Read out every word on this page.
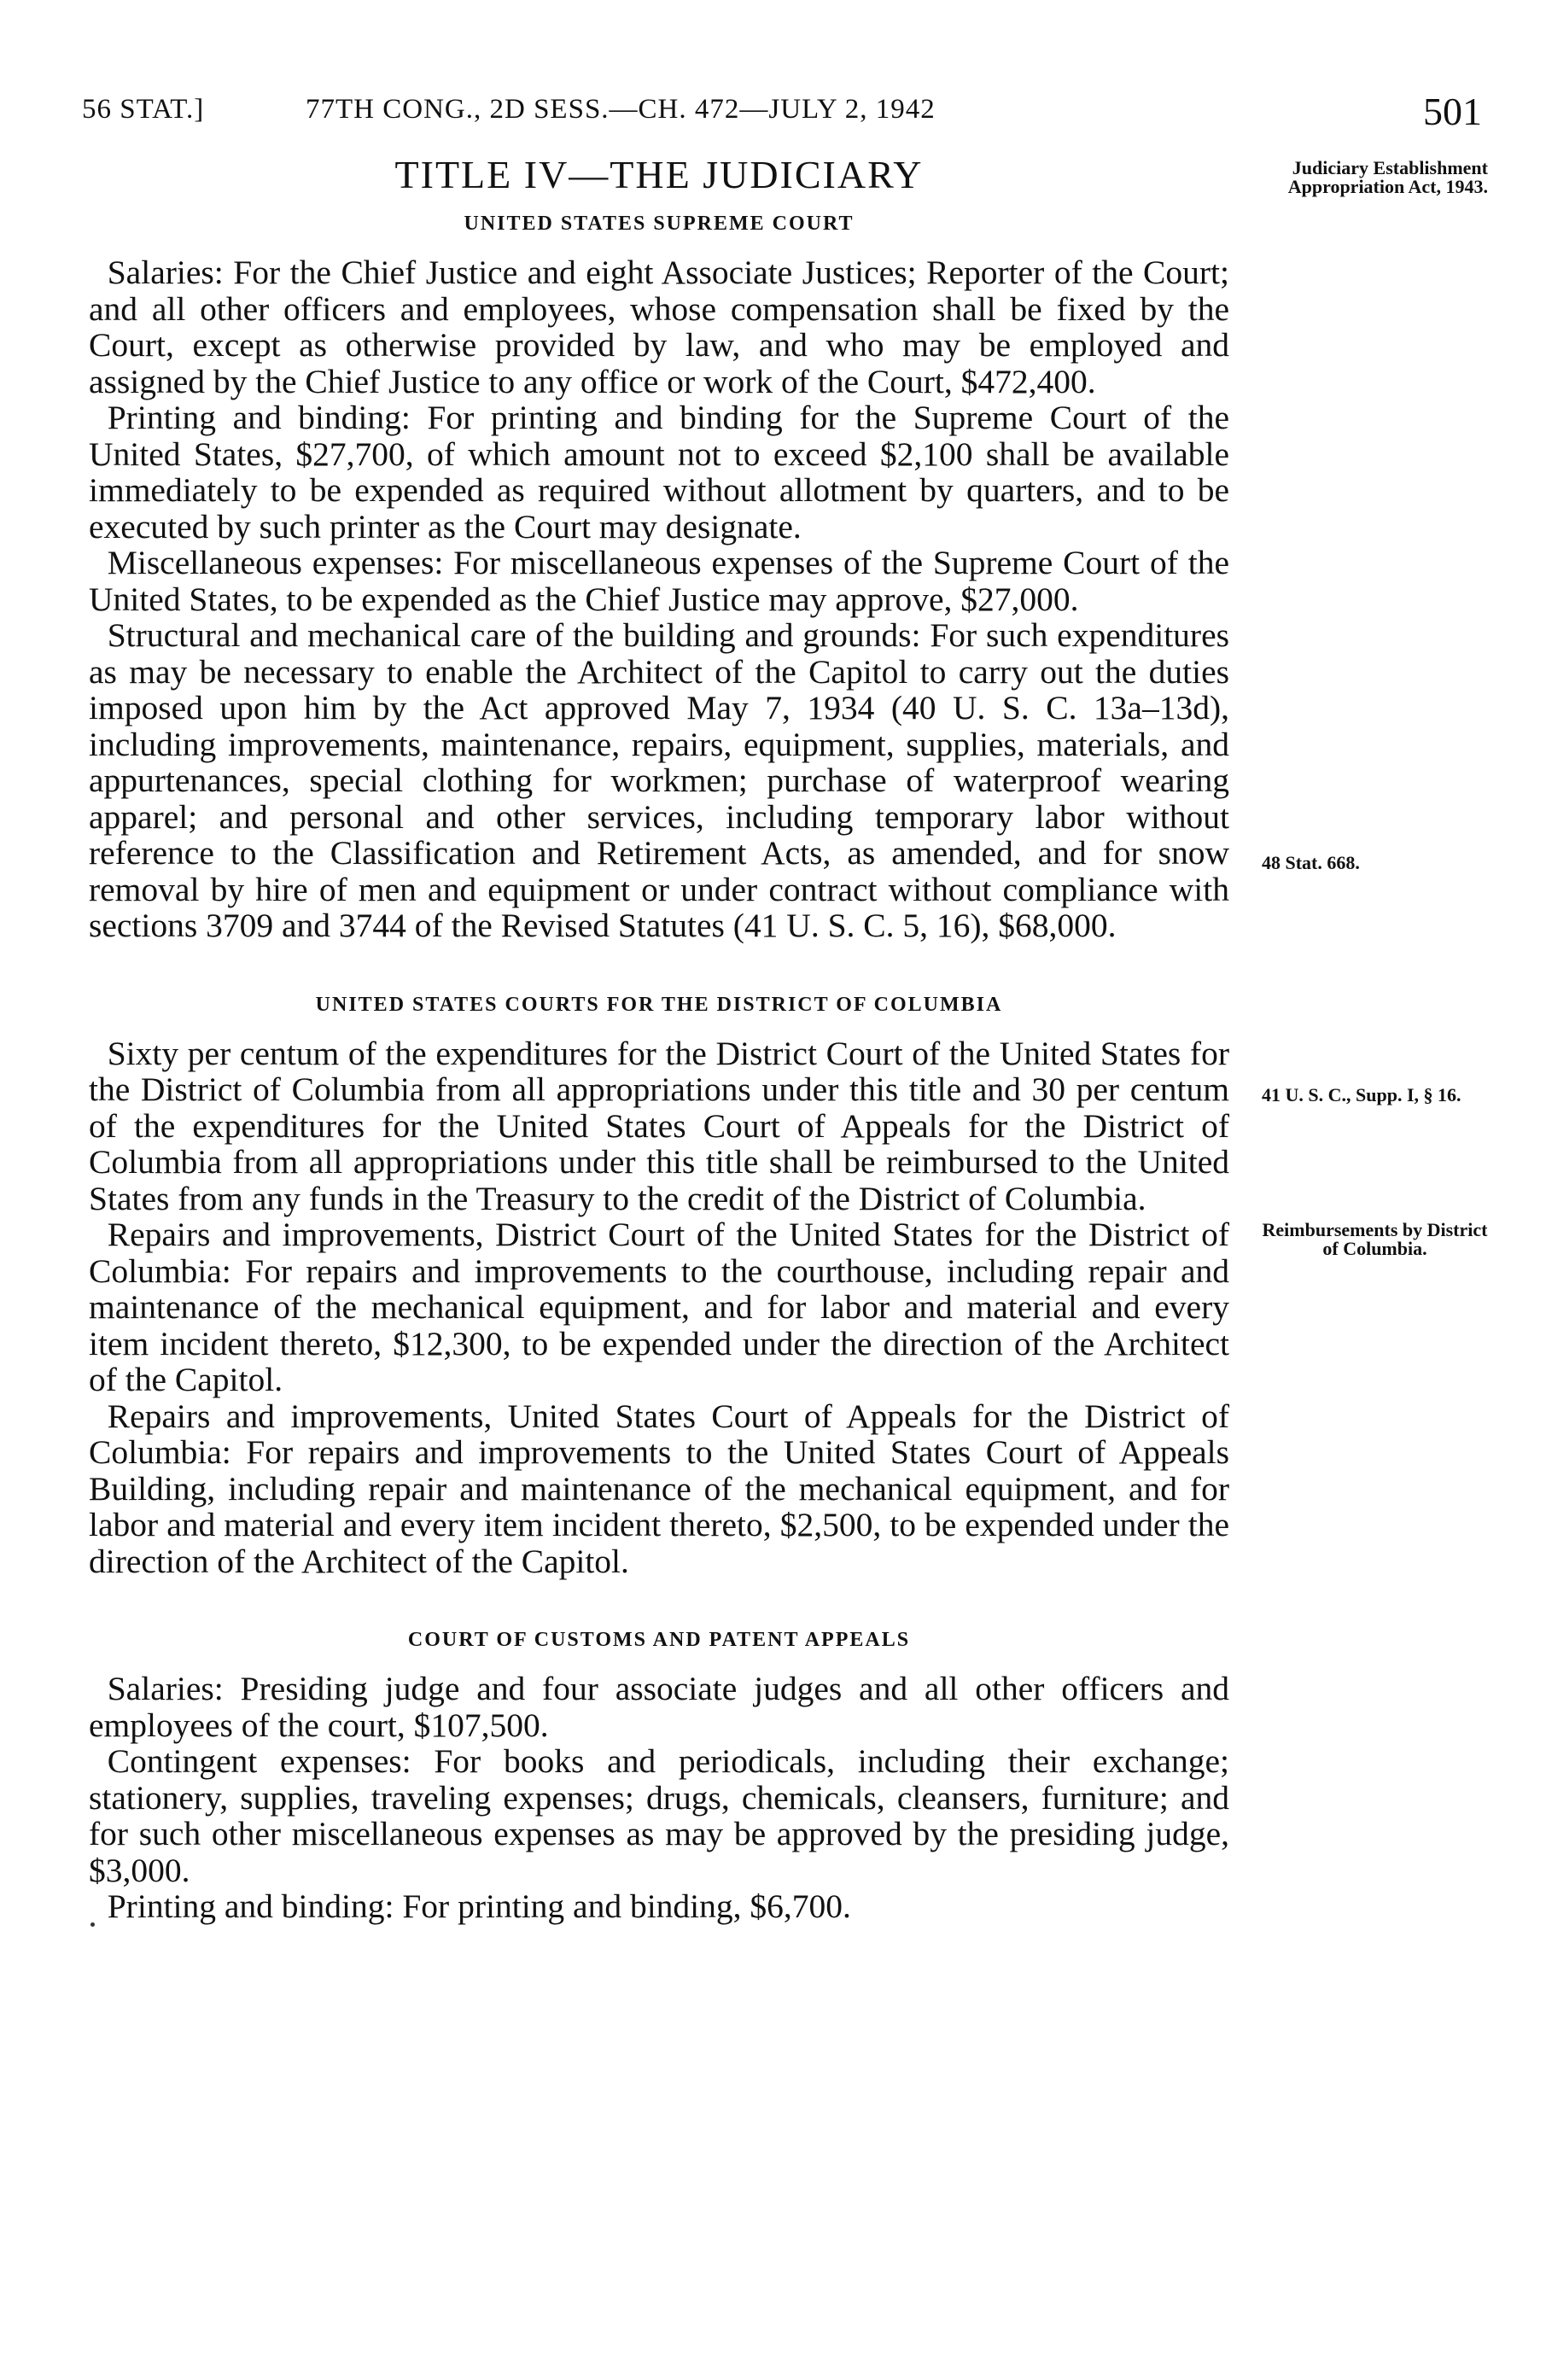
56 STAT.]	77TH CONG., 2D SESS.—CH. 472—JULY 2, 1942	501
TITLE IV—THE JUDICIARY
UNITED STATES SUPREME COURT

Salaries: For the Chief Justice and eight Associate Justices; Reporter of the Court; and all other officers and employees, whose compensation shall be fixed by the Court, except as otherwise provided by law, and who may be employed and assigned by the Chief Justice to any office or work of the Court, $472,400.

Printing and binding: For printing and binding for the Supreme Court of the United States, $27,700, of which amount not to exceed $2,100 shall be available immediately to be expended as required without allotment by quarters, and to be executed by such printer as the Court may designate.

Miscellaneous expenses: For miscellaneous expenses of the Supreme Court of the United States, to be expended as the Chief Justice may approve, $27,000.

Structural and mechanical care of the building and grounds: For such expenditures as may be necessary to enable the Architect of the Capitol to carry out the duties imposed upon him by the Act approved May 7, 1934 (40 U. S. C. 13a–13d), including improvements, maintenance, repairs, equipment, supplies, materials, and appurtenances, special clothing for workmen; purchase of waterproof wearing apparel; and personal and other services, including temporary labor without reference to the Classification and Retirement Acts, as amended, and for snow removal by hire of men and equipment or under contract without compliance with sections 3709 and 3744 of the Revised Statutes (41 U. S. C. 5, 16), $68,000.

UNITED STATES COURTS FOR THE DISTRICT OF COLUMBIA

Sixty per centum of the expenditures for the District Court of the United States for the District of Columbia from all appropriations under this title and 30 per centum of the expenditures for the United States Court of Appeals for the District of Columbia from all appropriations under this title shall be reimbursed to the United States from any funds in the Treasury to the credit of the District of Columbia.

Repairs and improvements, District Court of the United States for the District of Columbia: For repairs and improvements to the courthouse, including repair and maintenance of the mechanical equipment, and for labor and material and every item incident thereto, $12,300, to be expended under the direction of the Architect of the Capitol.

Repairs and improvements, United States Court of Appeals for the District of Columbia: For repairs and improvements to the United States Court of Appeals Building, including repair and maintenance of the mechanical equipment, and for labor and material and every item incident thereto, $2,500, to be expended under the direction of the Architect of the Capitol.

COURT OF CUSTOMS AND PATENT APPEALS

Salaries: Presiding judge and four associate judges and all other officers and employees of the court, $107,500.

Contingent expenses: For books and periodicals, including their exchange; stationery, supplies, traveling expenses; drugs, chemicals, cleansers, furniture; and for such other miscellaneous expenses as may be approved by the presiding judge, $3,000.

Printing and binding: For printing and binding, $6,700.

Judiciary Establishment Appropriation Act, 1943.
48 Stat. 668.
41 U. S. C., Supp. I, § 16.
Reimbursements by District of Columbia.
